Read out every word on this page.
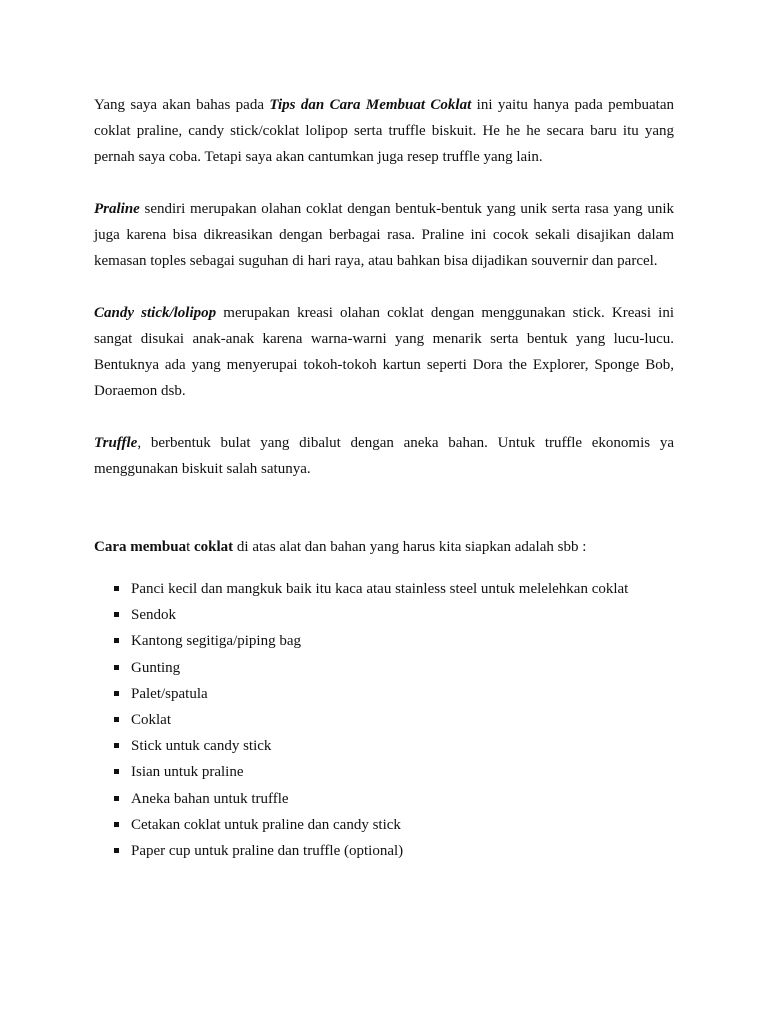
Yang saya akan bahas pada Tips dan Cara Membuat Coklat ini yaitu hanya pada pembuatan coklat praline, candy stick/coklat lolipop serta truffle biskuit. He he he secara baru itu yang pernah saya coba. Tetapi saya akan cantumkan juga resep truffle yang lain.

Praline sendiri merupakan olahan coklat dengan bentuk-bentuk yang unik serta rasa yang unik juga karena bisa dikreasikan dengan berbagai rasa. Praline ini cocok sekali disajikan dalam kemasan toples sebagai suguhan di hari raya, atau bahkan bisa dijadikan souvernir dan parcel.

Candy stick/lolipop merupakan kreasi olahan coklat dengan menggunakan stick. Kreasi ini sangat disukai anak-anak karena warna-warni yang menarik serta bentuk yang lucu-lucu. Bentuknya ada yang menyerupai tokoh-tokoh kartun seperti Dora the Explorer, Sponge Bob, Doraemon dsb.

Truffle, berbentuk bulat yang dibalut dengan aneka bahan. Untuk truffle ekonomis ya menggunakan biskuit salah satunya.

Cara membuat coklat di atas alat dan bahan yang harus kita siapkan adalah sbb :

Panci kecil dan mangkuk baik itu kaca atau stainless steel untuk melelehkan coklat
Sendok
Kantong segitiga/piping bag
Gunting
Palet/spatula
Coklat
Stick untuk candy stick
Isian untuk praline
Aneka bahan untuk truffle
Cetakan coklat untuk praline dan candy stick
Paper cup untuk praline dan truffle (optional)
